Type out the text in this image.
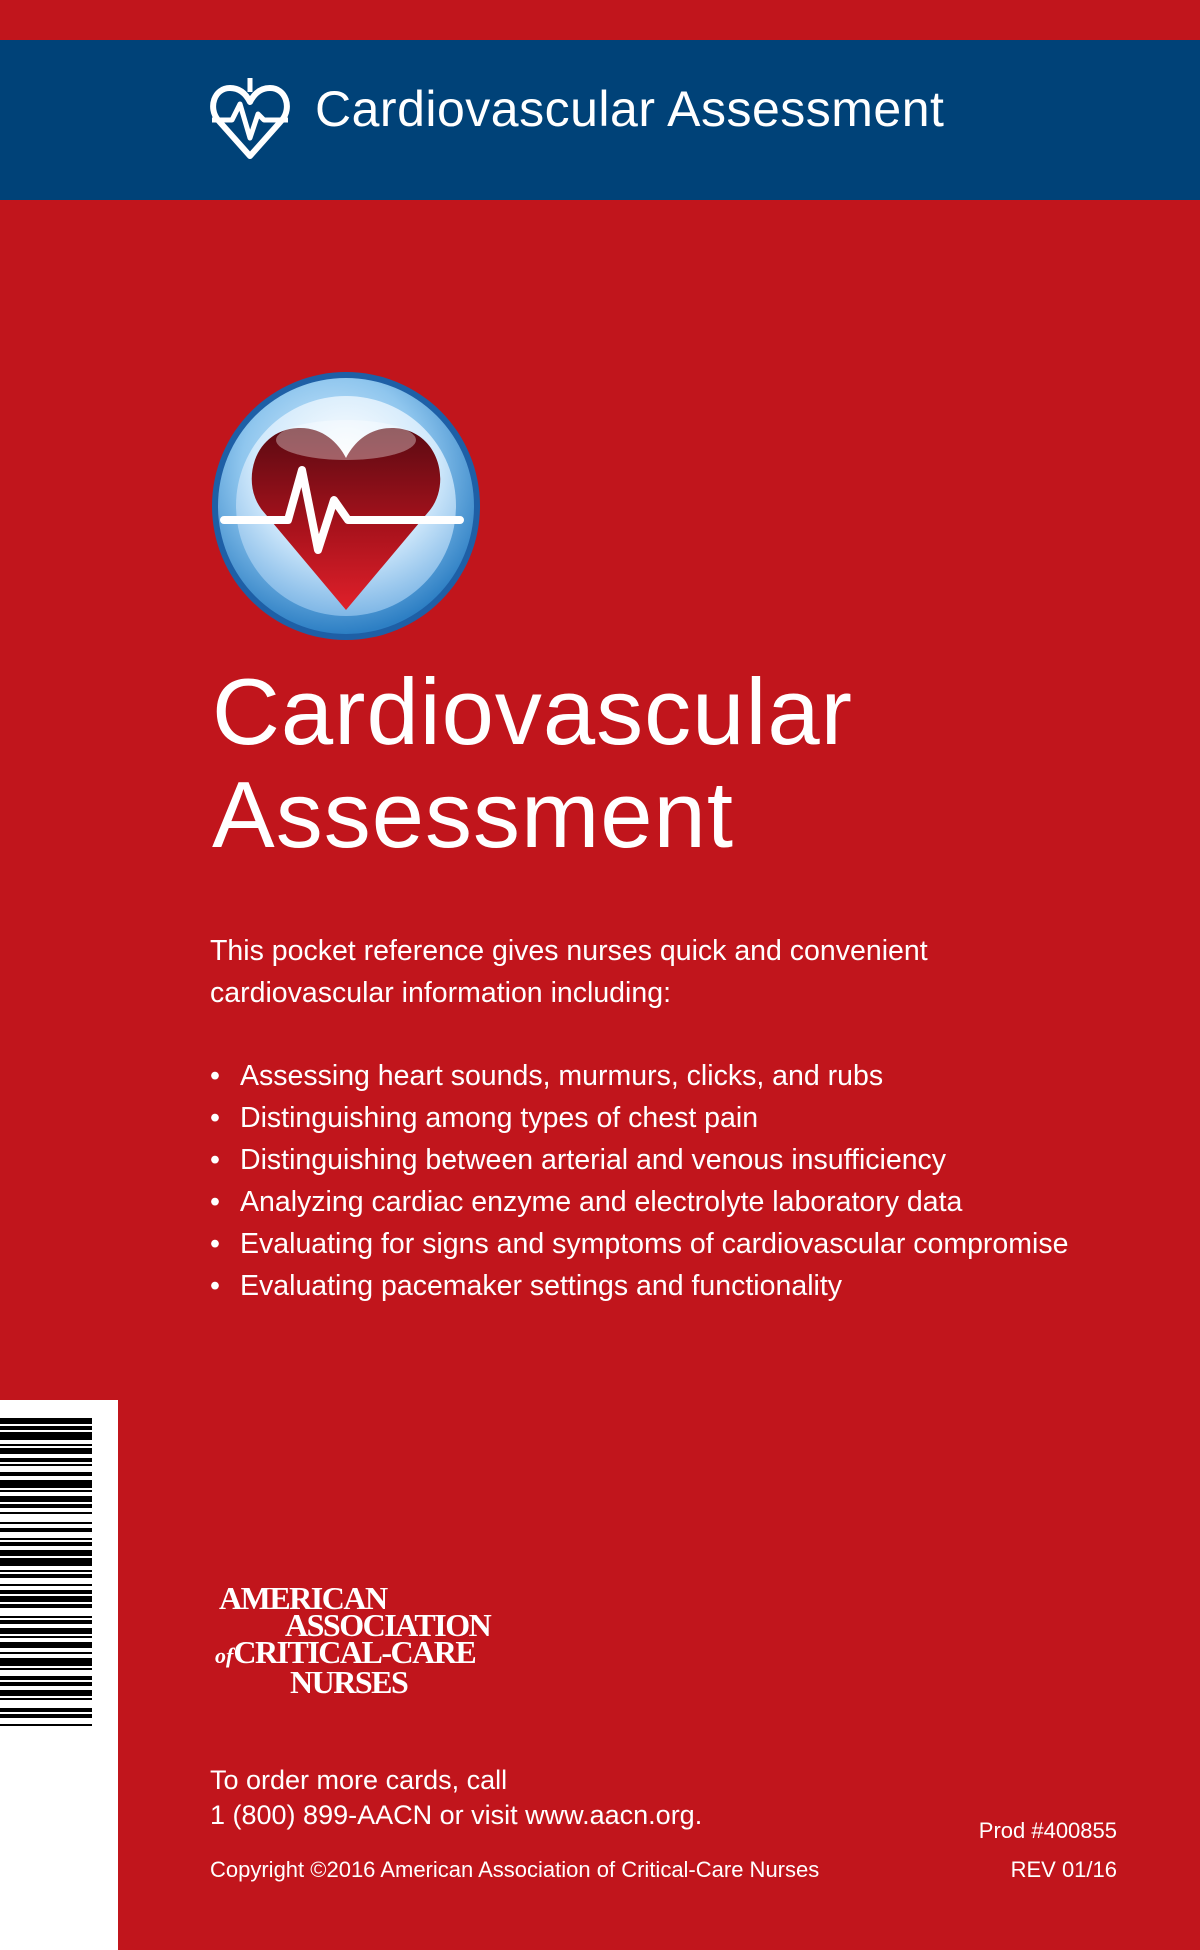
Cardiovascular Assessment
Cardiovascular
Assessment

This pocket reference gives nurses quick and convenient cardiovascular information including:

• Assessing heart sounds, murmurs, clicks, and rubs
• Distinguishing among types of chest pain
• Distinguishing between arterial and venous insufficiency
• Analyzing cardiac enzyme and electrolyte laboratory data
• Evaluating for signs and symptoms of cardiovascular compromise
• Evaluating pacemaker settings and functionality
AMERICAN
ASSOCIATION
ofCRITICAL-CARE
NURSES

To order more cards, call
1 (800) 899-AACN or visit www.aacn.org.

Prod #400855
Copyright ©2016 American Association of Critical-Care Nurses	REV 01/16
